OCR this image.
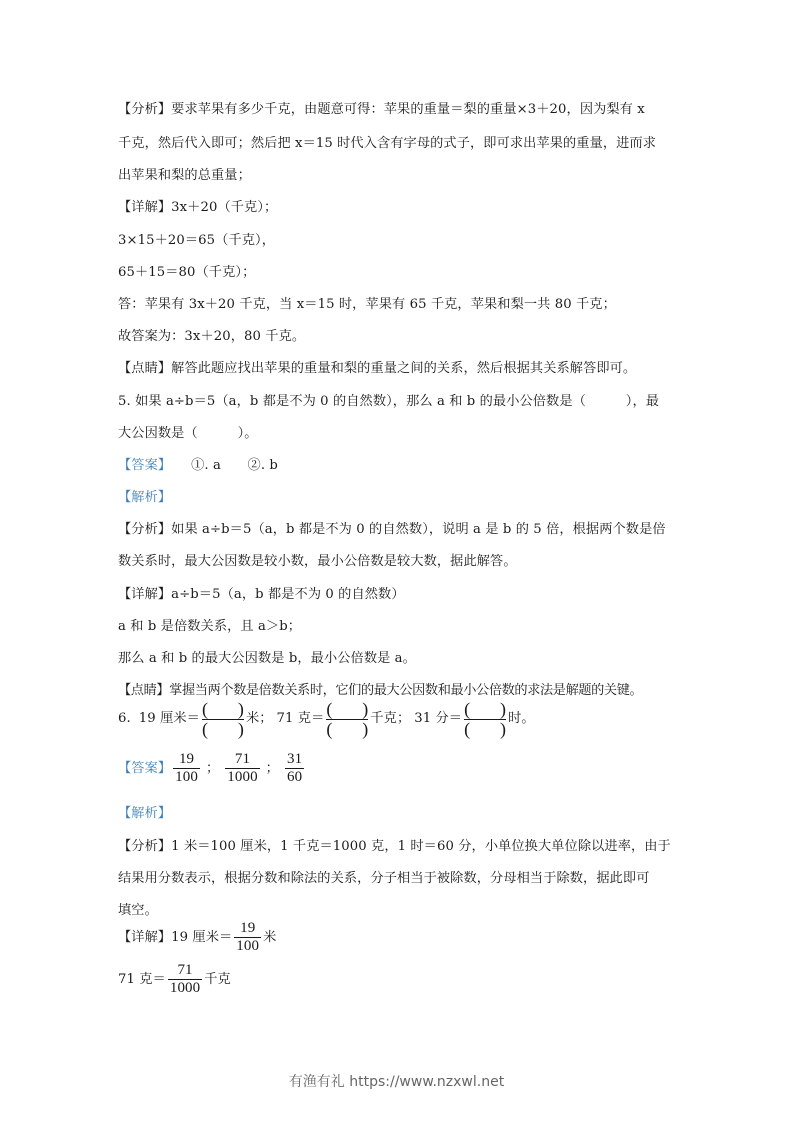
【分析】要求苹果有多少千克，由题意可得：苹果的重量＝梨的重量×3＋20，因为梨有 x
千克，然后代入即可；然后把 x＝15 时代入含有字母的式子，即可求出苹果的重量，进而求
出苹果和梨的总重量；
【详解】3x＋20（千克）；
3×15＋20＝65（千克），
65＋15＝80（千克）；
答：苹果有 3x＋20 千克，当 x＝15 时，苹果有 65 千克，苹果和梨一共 80 千克；
故答案为：3x＋20，80 千克。
【点睛】解答此题应找出苹果的重量和梨的重量之间的关系，然后根据其关系解答即可。
5. 如果 a÷b＝5（a，b 都是不为 0 的自然数），那么 a 和 b 的最小公倍数是（　　　），最
大公因数是（　　　）。
【答案】　　①. a　　②. b
【解析】
【分析】如果 a÷b＝5（a，b 都是不为 0 的自然数），说明 a 是 b 的 5 倍，根据两个数是倍
数关系时，最大公因数是较小数，最小公倍数是较大数，据此解答。
【详解】a÷b＝5（a，b 都是不为 0 的自然数）
a 和 b 是倍数关系，且 a＞b；
那么 a 和 b 的最大公因数是 b，最小公倍数是 a。
【点睛】掌握当两个数是倍数关系时，它们的最大公因数和最小公倍数的求法是解题的关键。
6. 19 厘米＝ $\frac{( )}{( )}$ 米； 71 克＝ $\frac{( )}{( )}$ 千克； 31 分＝ $\frac{( )}{( )}$ 时。
【答案】 $\frac{19}{100}$ ； $\frac{71}{1000}$ ； $\frac{31}{60}$
【解析】
【分析】1 米＝100 厘米，1 千克＝1000 克，1 时＝60 分，小单位换大单位除以进率，由于
结果用分数表示，根据分数和除法的关系，分子相当于被除数，分母相当于除数，据此即可
填空。
【详解】 19 厘米＝ $\frac{19}{100}$ 米
71 克＝ $\frac{71}{1000}$ 千克
有渔有礼 https://www.nzxwl.net
